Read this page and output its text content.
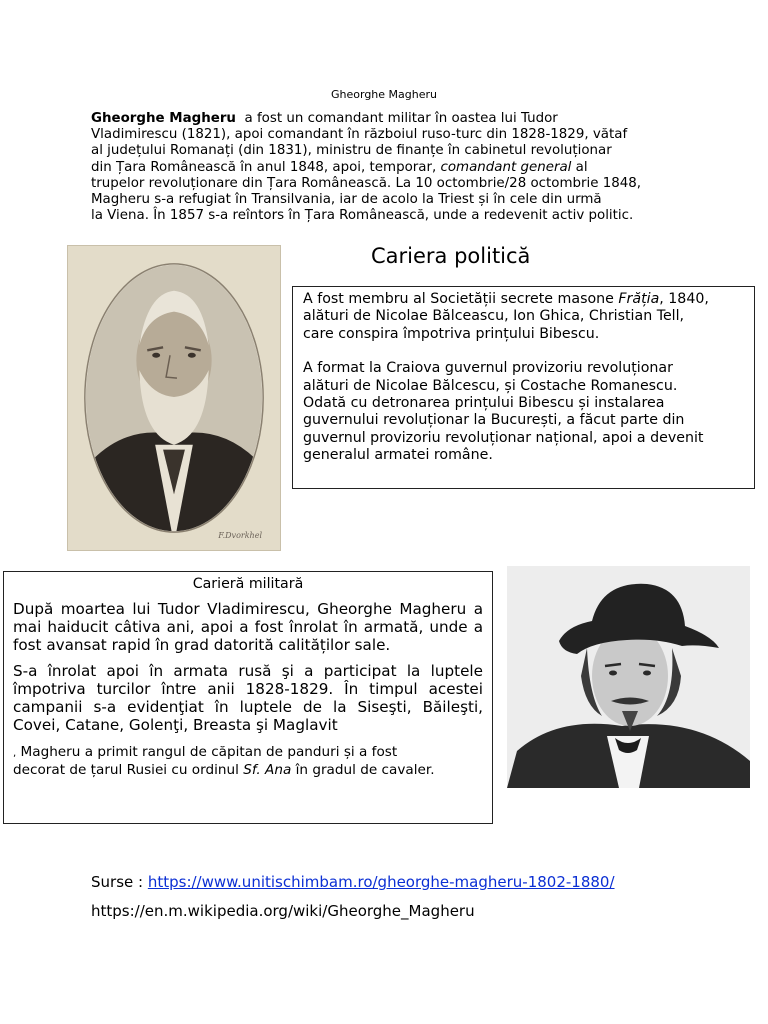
Gheorghe Magheru
Gheorghe Magheru  a fost un comandant militar în oastea lui Tudor
Vladimirescu (1821), apoi comandant în războiul ruso-turc din 1828-1829, vătaf
al județului Romanați (din 1831), ministru de finanțe în cabinetul revoluționar
din Țara Românească în anul 1848, apoi, temporar, comandant general al
trupelor revoluționare din Țara Românească. La 10 octombrie/28 octombrie 1848,
Magheru s-a refugiat în Transilvania, iar de acolo la Triest și în cele din urmă
la Viena. În 1857 s-a reîntors în Țara Românească, unde a redevenit activ politic.
F.Dvorkhel
Cariera politică

A fost membru al Societății secrete masone Frăția, 1840,
alături de Nicolae Bălceascu, Ion Ghica, Christian Tell,
care conspira împotriva prințului Bibescu.

A format la Craiova guvernul provizoriu revoluționar
alături de Nicolae Bălcescu, și Costache Romanescu.
Odată cu detronarea prințului Bibescu și instalarea
guvernului revoluționar la București, a făcut parte din
guvernul provizoriu revoluționar național, apoi a devenit
generalul armatei române.

Carieră militară

După moartea lui Tudor Vladimirescu, Gheorghe Magheru a mai haiducit câtiva ani, apoi a fost înrolat în armată, unde a fost avansat rapid în grad datorită calităților sale.

S-a înrolat apoi în armata rusă şi a participat la luptele împotriva turcilor între anii 1828-1829. În timpul acestei campanii s-a evidenţiat în luptele de la Siseşti, Băileşti, Covei, Catane, Golenţi, Breasta şi Maglavit

, Magheru a primit rangul de căpitan de panduri și a fost
decorat de țarul Rusiei cu ordinul Sf. Ana în gradul de cavaler.

Surse : https://www.unitischimbam.ro/gheorghe-magheru-1802-1880/
https://en.m.wikipedia.org/wiki/Gheorghe_Magheru
